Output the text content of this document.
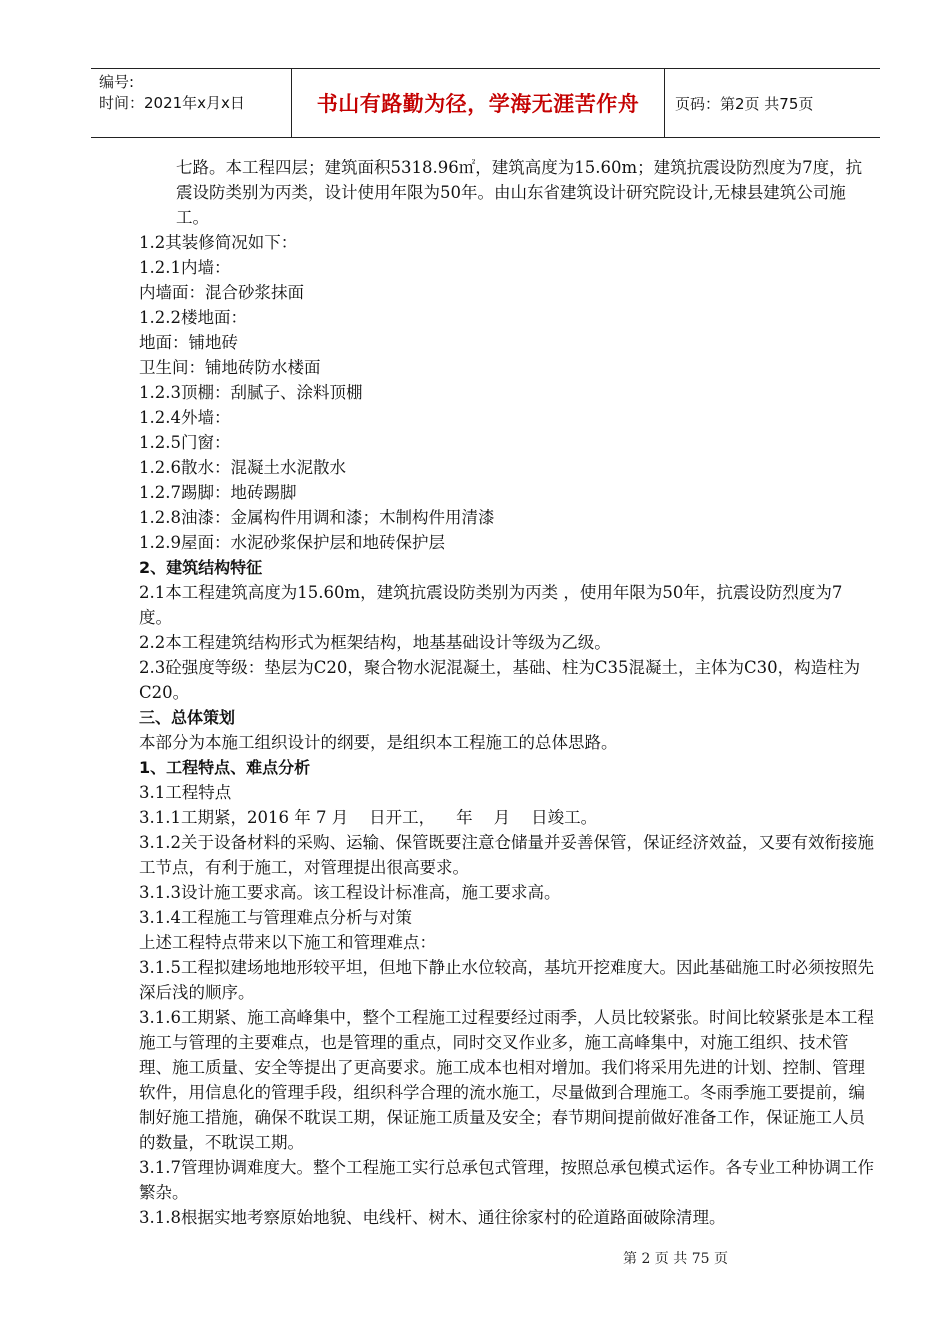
编号:
时间：2021年x月x日	书山有路勤为径，学海无涯苦作舟	页码：第2页 共75页

七路。本工程四层；建筑面积5318.96㎡，建筑高度为15.60m；建筑抗震设防烈度为7度，抗震设防类别为丙类，设计使用年限为50年。由山东省建筑设计研究院设计,无棣县建筑公司施工。

1.2其装修简况如下：

1.2.1内墙：

内墙面：混合砂浆抹面

1.2.2楼地面：

地面：铺地砖

卫生间：铺地砖防水楼面

1.2.3顶棚：刮腻子、涂料顶棚

1.2.4外墙：

1.2.5门窗：

1.2.6散水：混凝土水泥散水

1.2.7踢脚：地砖踢脚

1.2.8油漆：金属构件用调和漆；木制构件用清漆

1.2.9屋面：水泥砂浆保护层和地砖保护层

2、建筑结构特征

2.1本工程建筑高度为15.60m，建筑抗震设防类别为丙类 ，使用年限为50年，抗震设防烈度为7度。

2.2本工程建筑结构形式为框架结构，地基基础设计等级为乙级。

2.3砼强度等级：垫层为C20，聚合物水泥混凝土，基础、柱为C35混凝土，主体为C30，构造柱为C20。

三、总体策划

本部分为本施工组织设计的纲要，是组织本工程施工的总体思路。

1、工程特点、难点分析

3.1工程特点

3.1.1工期紧，2016 年 7 月    日开工，    年    月    日竣工。

3.1.2关于设备材料的采购、运输、保管既要注意仓储量并妥善保管，保证经济效益，又要有效衔接施工节点，有利于施工，对管理提出很高要求。

3.1.3设计施工要求高。该工程设计标准高，施工要求高。

3.1.4工程施工与管理难点分析与对策

上述工程特点带来以下施工和管理难点：

3.1.5工程拟建场地地形较平坦，但地下静止水位较高，基坑开挖难度大。因此基础施工时必须按照先深后浅的顺序。

3.1.6工期紧、施工高峰集中，整个工程施工过程要经过雨季，人员比较紧张。时间比较紧张是本工程施工与管理的主要难点，也是管理的重点，同时交叉作业多，施工高峰集中，对施工组织、技术管理、施工质量、安全等提出了更高要求。施工成本也相对增加。我们将采用先进的计划、控制、管理软件，用信息化的管理手段，组织科学合理的流水施工，尽量做到合理施工。冬雨季施工要提前，编制好施工措施，确保不耽误工期，保证施工质量及安全；春节期间提前做好准备工作，保证施工人员的数量，不耽误工期。

3.1.7管理协调难度大。整个工程施工实行总承包式管理，按照总承包模式运作。各专业工种协调工作繁杂。

3.1.8根据实地考察原始地貌、电线杆、树木、通往徐家村的砼道路面破除清理。

第 2 页 共 75 页
